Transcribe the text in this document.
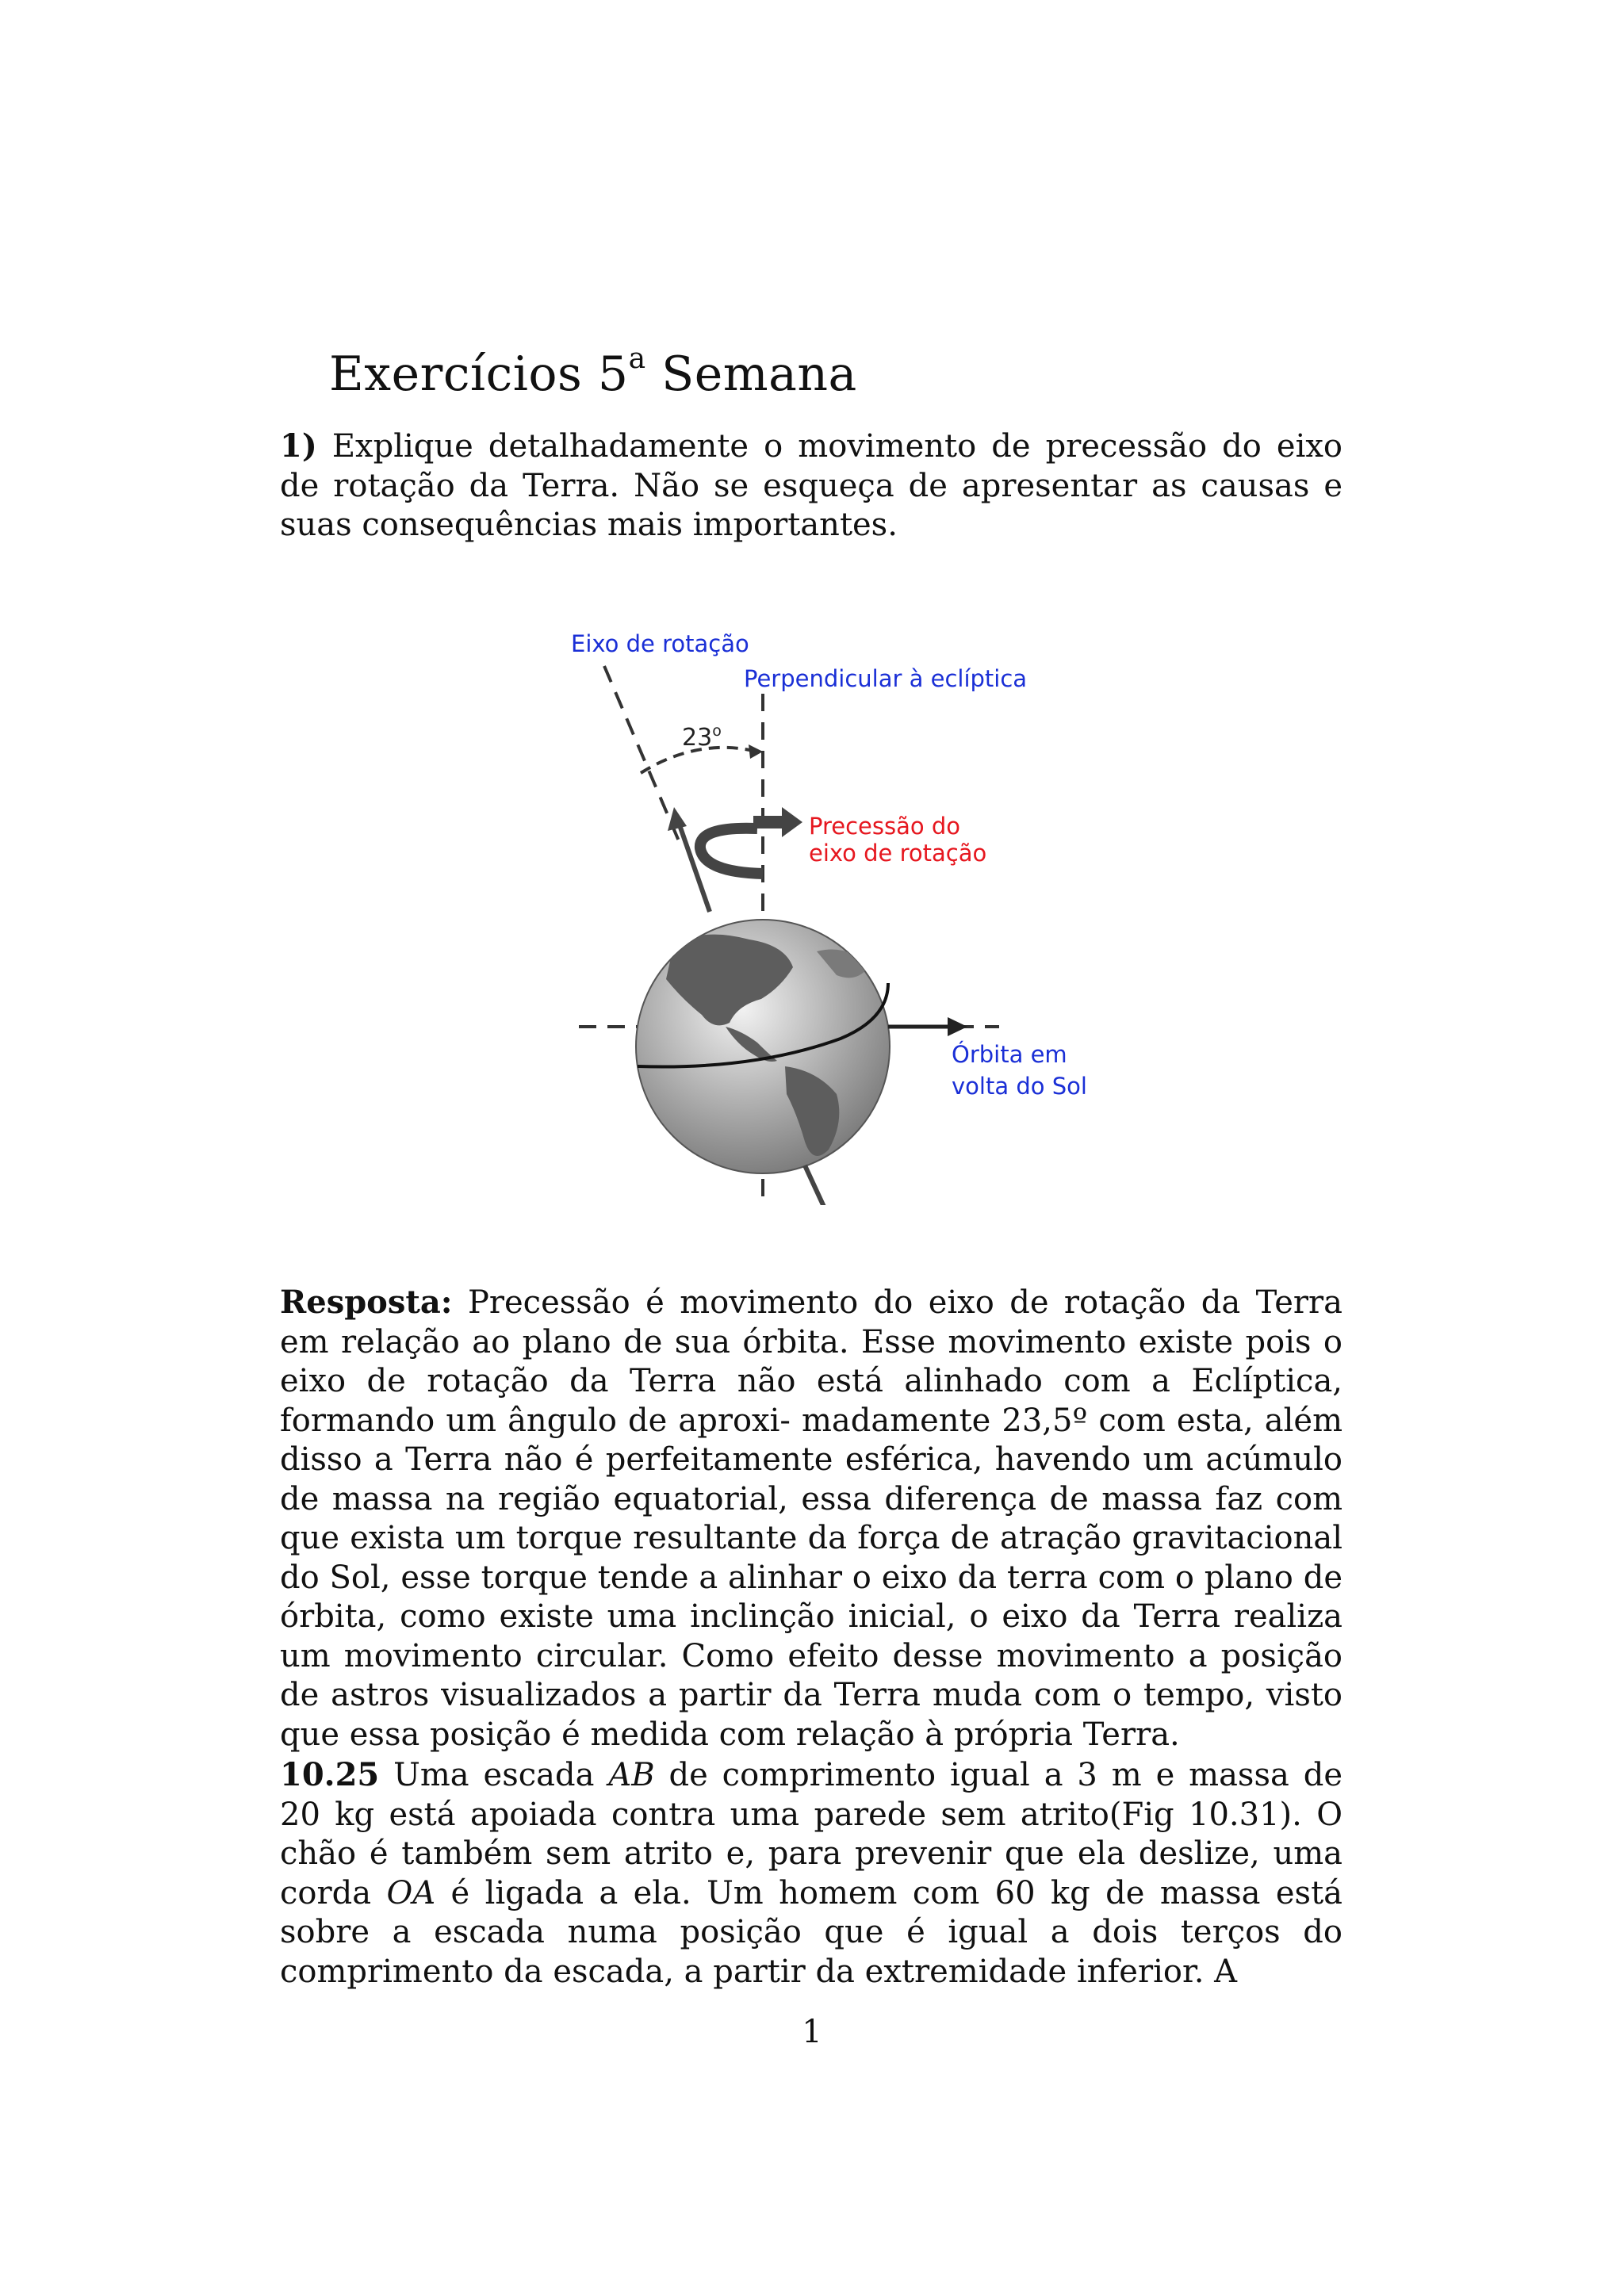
Exercícios 5$^a$ Semana
1) Explique detalhadamente o movimento de precessão do eixo de rotação da Terra. Não se esqueça de apresentar as causas e suas consequências mais importantes.
23$^o$
Eixo de rotação
Perpendicular à eclíptica
Precessão do
eixo de rotação
Órbita em
volta do Sol
Resposta: Precessão é movimento do eixo de rotação da Terra em relação ao plano de sua órbita. Esse movimento existe pois o eixo de rotação da Terra não está alinhado com a Eclíptica, formando um ângulo de aproxi- madamente 23,5º com esta, além disso a Terra não é perfeitamente esférica, havendo um acúmulo de massa na região equatorial, essa diferença de massa faz com que exista um torque resultante da força de atração gravitacional do Sol, esse torque tende a alinhar o eixo da terra com o plano de órbita, como existe uma inclinção inicial, o eixo da Terra realiza um movimento circular. Como efeito desse movimento a posição de astros visualizados a partir da Terra muda com o tempo, visto que essa posição é medida com relação à própria Terra.
10.25 Uma escada AB de comprimento igual a 3 m e massa de 20 kg está apoiada contra uma parede sem atrito(Fig 10.31). O chão é também sem atrito e, para prevenir que ela deslize, uma corda OA é ligada a ela. Um homem com 60 kg de massa está sobre a escada numa posição que é igual a dois terços do comprimento da escada, a partir da extremidade inferior. A
1
